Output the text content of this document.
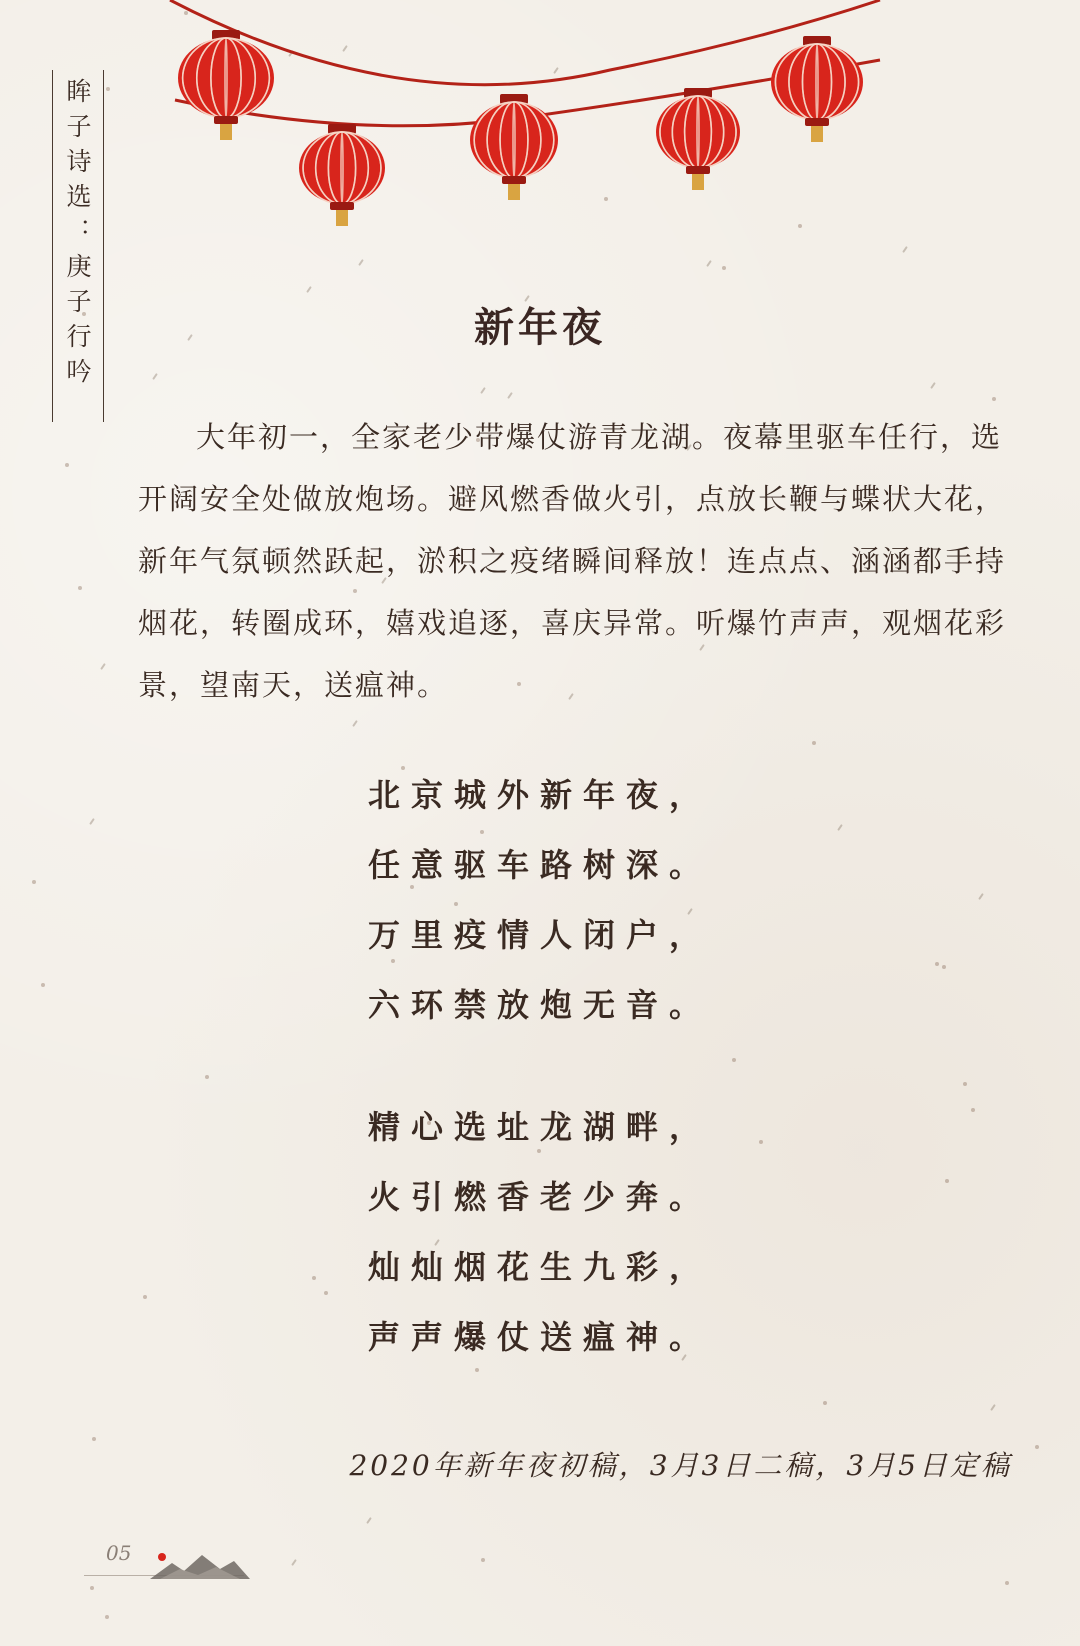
眸子诗选：庚子行吟	新年夜

大年初一，全家老少带爆仗游青龙湖。夜幕里驱车任行，选开阔安全处做放炮场。避风燃香做火引，点放长鞭与蝶状大花，新年气氛顿然跃起，淤积之疫绪瞬间释放！连点点、涵涵都手持烟花，转圈成环，嬉戏追逐，喜庆异常。听爆竹声声，观烟花彩景，望南天，送瘟神。

北京城外新年夜，
任意驱车路树深。
万里疫情人闭户，
六环禁放炮无音。
精心选址龙湖畔，
火引燃香老少奔。
灿灿烟花生九彩，
声声爆仗送瘟神。
2020年新年夜初稿，3月3日二稿，3月5日定稿
05
